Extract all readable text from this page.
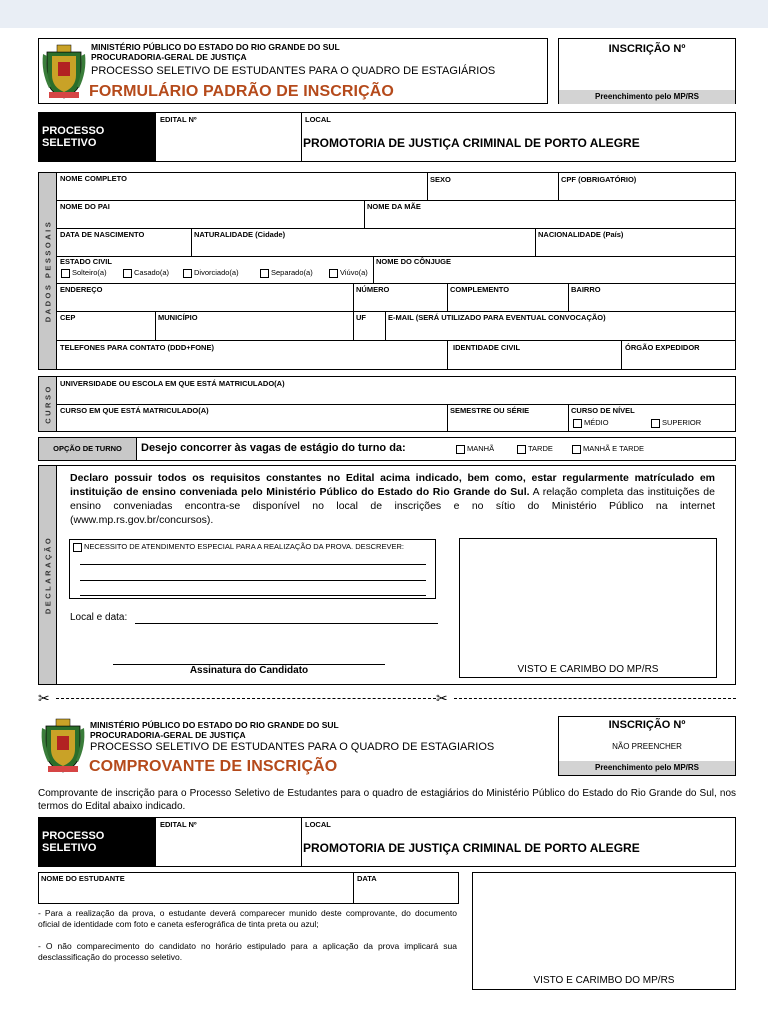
MINISTÉRIO PÚBLICO DO ESTADO DO RIO GRANDE DO SUL
PROCURADORIA-GERAL DE JUSTIÇA
PROCESSO SELETIVO DE ESTUDANTES PARA O QUADRO DE ESTAGIÁRIOS
FORMULÁRIO PADRÃO DE INSCRIÇÃO
INSCRIÇÃO Nº
Preenchimento pelo MP/RS
PROCESSO SELETIVO
EDITAL Nº	LOCAL
PROMOTORIA DE JUSTIÇA CRIMINAL DE PORTO ALEGRE
DADOS PESSOAIS
NOME COMPLETO	SEXO	CPF (OBRIGATÓRIO)
NOME DO PAI	NOME DA MÃE
DATA DE NASCIMENTO	NATURALIDADE (Cidade)	NACIONALIDADE (País)
ESTADO CIVIL	NOME DO CÔNJUGE
Solteiro(a)	Casado(a)	Divorciado(a)	Separado(a)	Viúvo(a)
ENDEREÇO	NÚMERO	COMPLEMENTO	BAIRRO
CEP	MUNICÍPIO	UF	E-MAIL (SERÁ UTILIZADO PARA EVENTUAL CONVOCAÇÃO)
TELEFONES PARA CONTATO (DDD+FONE)	IDENTIDADE CIVIL	ÓRGÃO EXPEDIDOR
CURSO
UNIVERSIDADE OU ESCOLA EM QUE ESTÁ MATRICULADO(A)
CURSO EM QUE ESTÁ MATRICULADO(A)	SEMESTRE OU SÉRIE	CURSO DE NÍVEL
MÉDIO	SUPERIOR
OPÇÃO DE TURNO	Desejo concorrer às vagas de estágio do turno da:	MANHÃ	TARDE	MANHÃ E TARDE
DECLARAÇÃO
Declaro possuir todos os requisitos constantes no Edital acima indicado, bem como, estar regularmente matrículado em instituição de ensino conveniada pelo Ministério Público do Estado do Rio Grande do Sul. A relação completa das instituições de ensino conveniadas encontra-se disponível no local de inscrições e no sítio do Ministério Público na internet (www.mp.rs.gov.br/concursos).
NECESSITO DE ATENDIMENTO ESPECIAL PARA A REALIZAÇÃO DA PROVA. DESCREVER:
Local e data:
Assinatura do Candidato	VISTO E CARIMBO DO MP/RS
✂	✂
MINISTÉRIO PÚBLICO DO ESTADO DO RIO GRANDE DO SUL
PROCURADORIA-GERAL DE JUSTIÇA
PROCESSO SELETIVO DE ESTUDANTES PARA O QUADRO DE ESTAGIARIOS
COMPROVANTE DE INSCRIÇÃO
INSCRIÇÃO Nº
NÃO PREENCHER
Preenchimento pelo MP/RS
Comprovante de inscrição para o Processo Seletivo de Estudantes para o quadro de estagiários do Ministério Público do Estado do Rio Grande do Sul, nos termos do Edital abaixo indicado.
PROCESSO SELETIVO
EDITAL Nº	LOCAL
PROMOTORIA DE JUSTIÇA CRIMINAL DE PORTO ALEGRE
NOME DO ESTUDANTE	DATA
- Para a realização da prova, o estudante deverá comparecer munido deste comprovante, do documento oficial de identidade com foto e caneta esferográfica de tinta preta ou azul;
- O não comparecimento do candidato no horário estipulado para a aplicação da prova implicará sua desclassificação do processo seletivo.
VISTO E CARIMBO DO MP/RS
